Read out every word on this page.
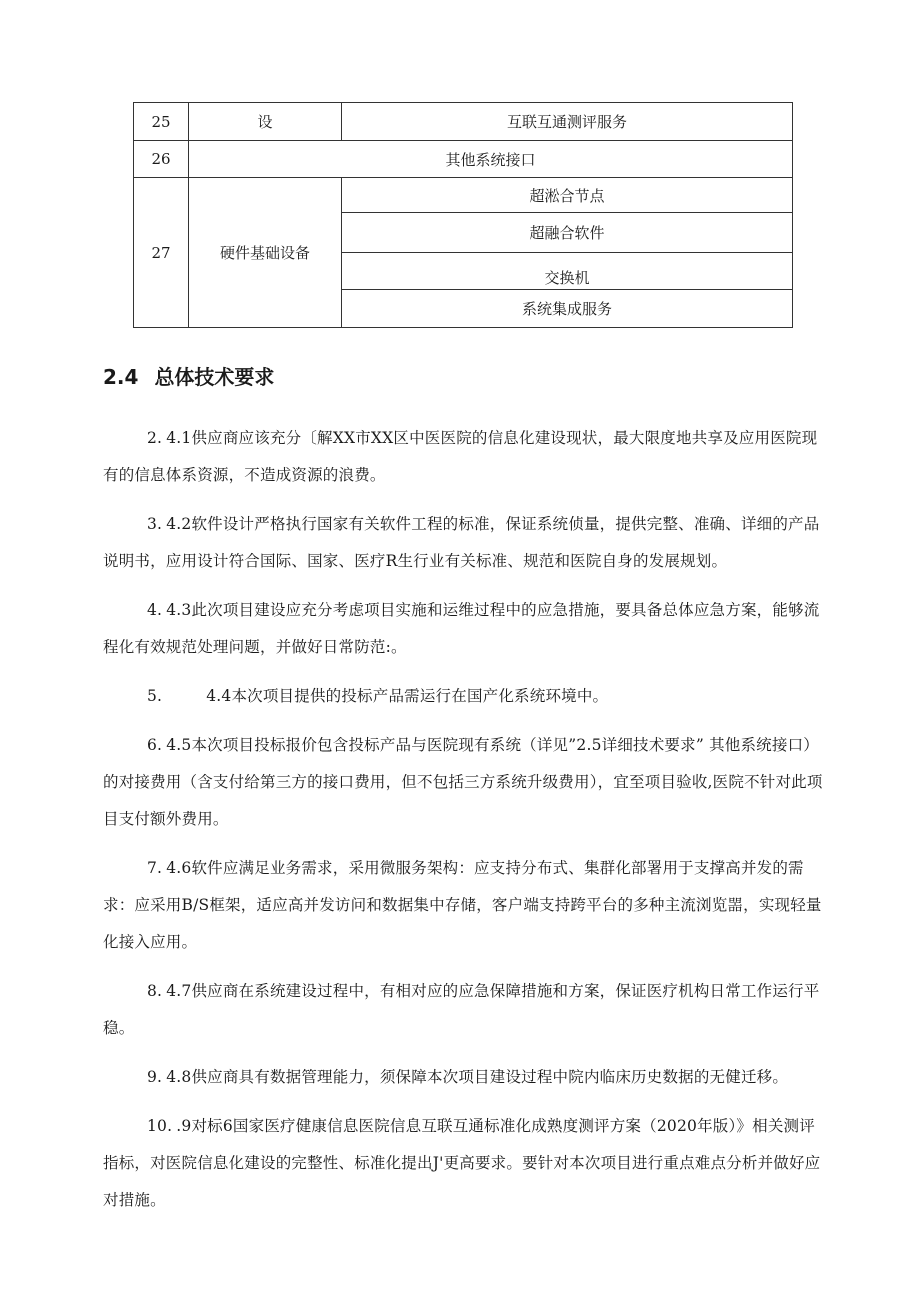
25	设	互联互通测评服务
26	其他系统接口	
27	硬件基础设备	超淞合节点
		超融合软件
		交换机
		系统集成服务
2.4 总体技术要求

2. 4.1供应商应该充分〔解XX市XX区中医医院的信息化建设现状，最大限度地共享及应用医院现有的信息体系资源，不造成资源的浪费。

3. 4.2软件设计严格执行国家有关软件工程的标准，保证系统侦量，提供完整、准确、详细的产品说明书，应用设计符合国际、国家、医疗R生行业有关标准、规范和医院自身的发展规划。

4. 4.3此次项目建设应充分考虑项目实施和运维过程中的应急措施，要具备总体应急方案，能够流程化有效规范处理问题，并做好日常防范:。

5.	4.4本次项目提供的投标产品需运行在国产化系统环境中。

6. 4.5本次项目投标报价包含投标产品与医院现有系统（详见”2.5详细技术要求” 其他系统接口）的对接费用（含支付给第三方的接口费用，但不包括三方系统升级费用），宜至项目验收,医院不针对此项目支付额外费用。

7. 4.6软件应满足业务需求，采用微服务架构：应支持分布式、集群化部署用于支撑高并发的需求：应采用B/S框架，适应高并发访问和数据集中存储，客户端支持跨平台的多种主流浏览噐，实现轻量化接入应用。

8. 4.7供应商在系统建设过程中，有相对应的应急保障措施和方案，保证医疗机构日常工作运行平稳。

9. 4.8供应商具有数据管理能力，须保障本次项目建设过程中院内临床历史数据的无健迁移。

10. .9对标6国家医疗健康信息医院信息互联互通标准化成熟度测评方案（2020年版）》相关测评指标，对医院信息化建设的完整性、标准化提出J'更高要求。要针对本次项目进行重点难点分析并做好应对措施。
